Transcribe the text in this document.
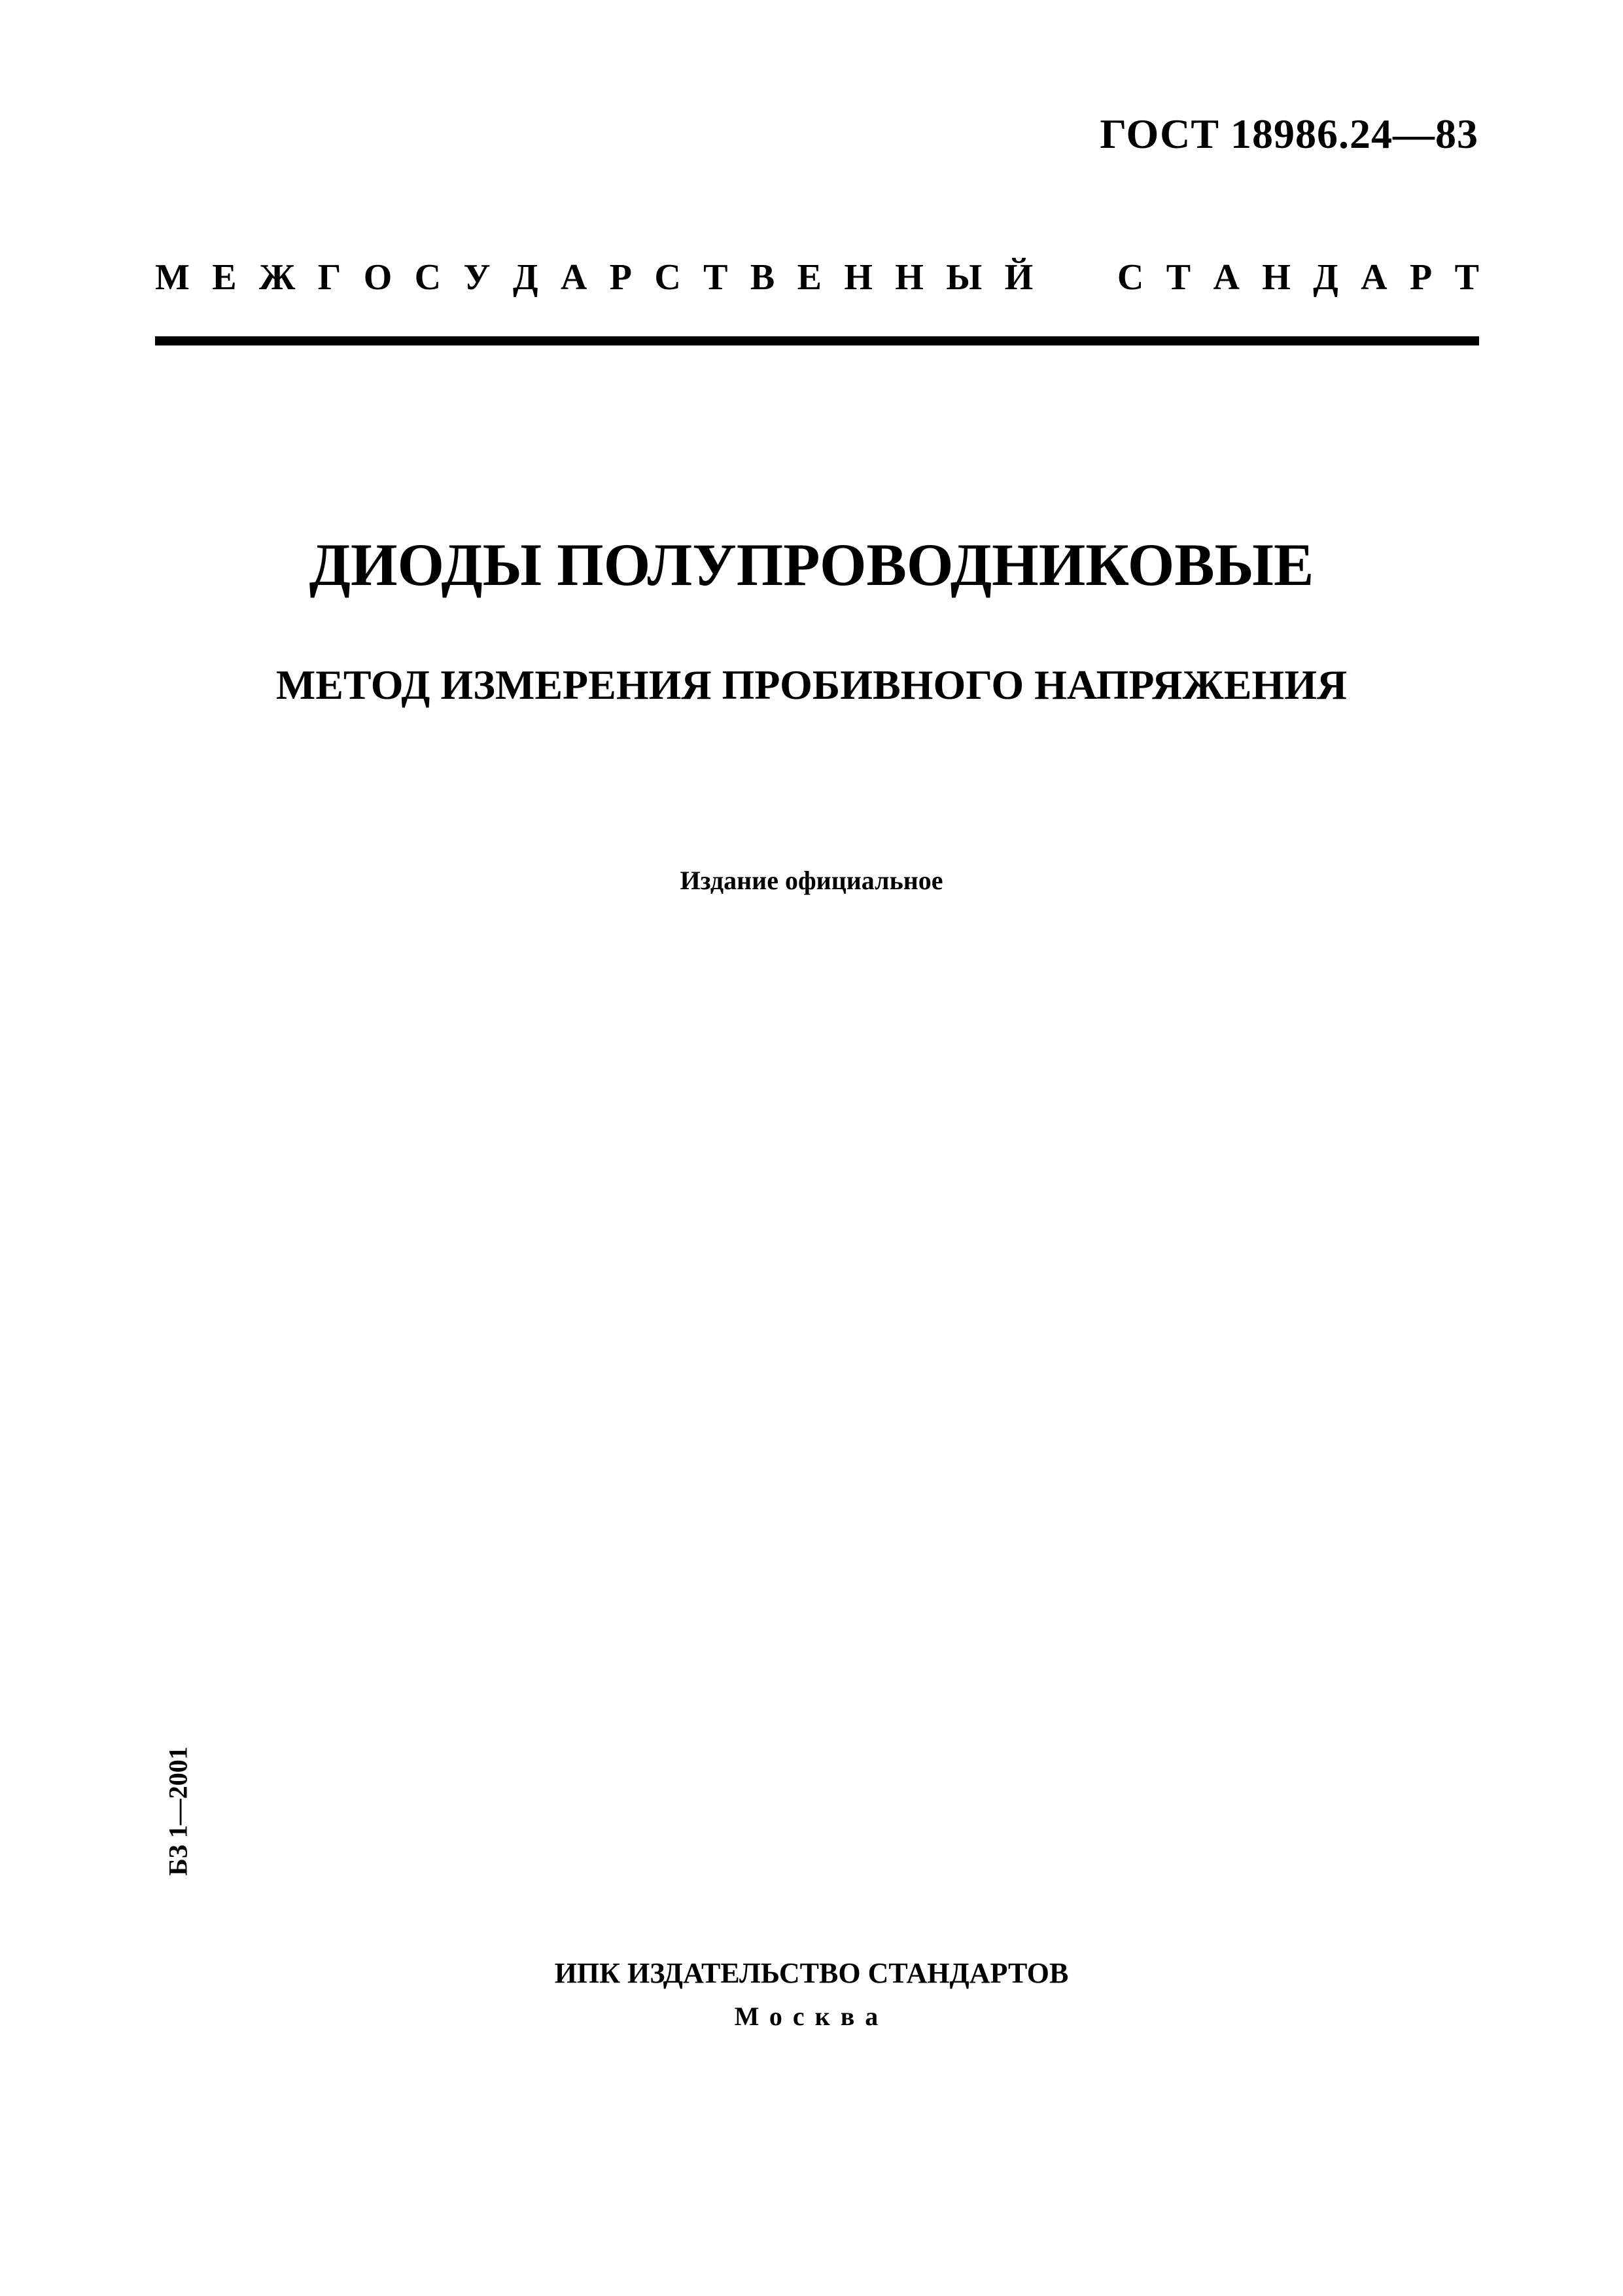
ГОСТ 18986.24—83
М Е Ж Г О С У Д А Р С Т В Е Н Н Ы Й С Т А Н Д А Р Т
ДИОДЫ ПОЛУПРОВОДНИКОВЫЕ
МЕТОД ИЗМЕРЕНИЯ ПРОБИВНОГО НАПРЯЖЕНИЯ
Издание официальное
БЗ 1—2001
ИПК ИЗДАТЕЛЬСТВО СТАНДАРТОВ
Москва
